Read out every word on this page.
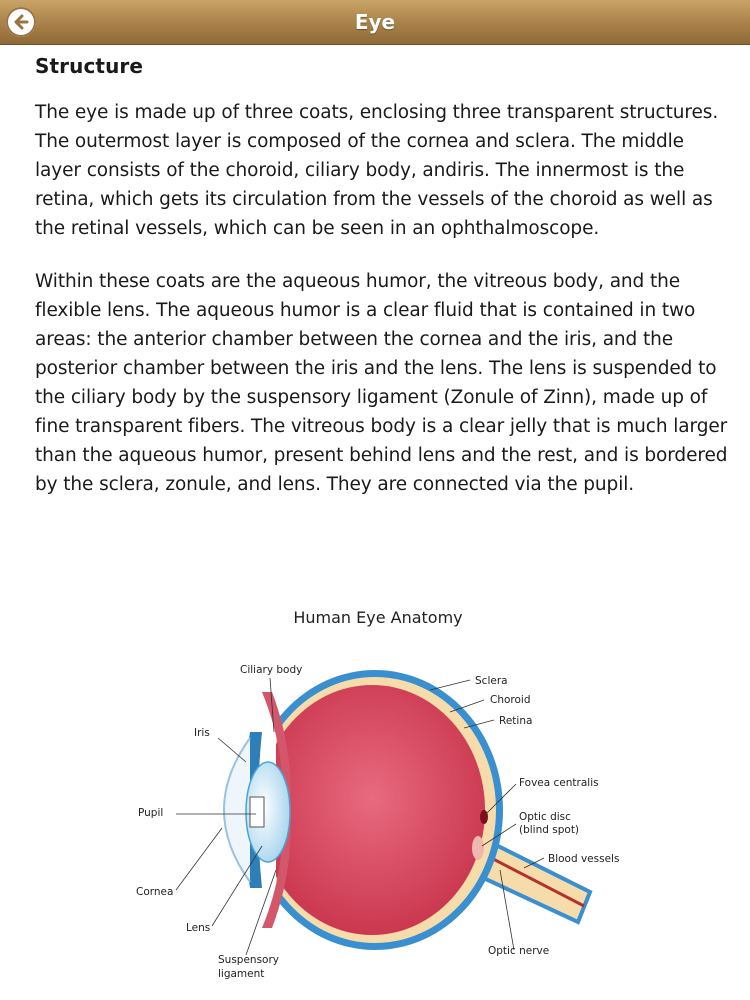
Eye
Structure

The eye is made up of three coats, enclosing three transparent structures. The outermost layer is composed of the cornea and sclera. The middle layer consists of the choroid, ciliary body, andiris. The innermost is the retina, which gets its circulation from the vessels of the choroid as well as the retinal vessels, which can be seen in an ophthalmoscope.

Within these coats are the aqueous humor, the vitreous body, and the flexible lens. The aqueous humor is a clear fluid that is contained in two areas: the anterior chamber between the cornea and the iris, and the posterior chamber between the iris and the lens. The lens is suspended to the ciliary body by the suspensory ligament (Zonule of Zinn), made up of fine transparent fibers. The vitreous body is a clear jelly that is much larger than the aqueous humor, present behind lens and the rest, and is bordered by the sclera, zonule, and lens. They are connected via the pupil.

Human Eye Anatomy
Ciliary body
Sclera
Choroid
Retina
Iris
Fovea centralis
Pupil	Optic disc
(blind spot)
Blood vessels
Cornea
Lens
Optic nerve
Suspensory
ligament
